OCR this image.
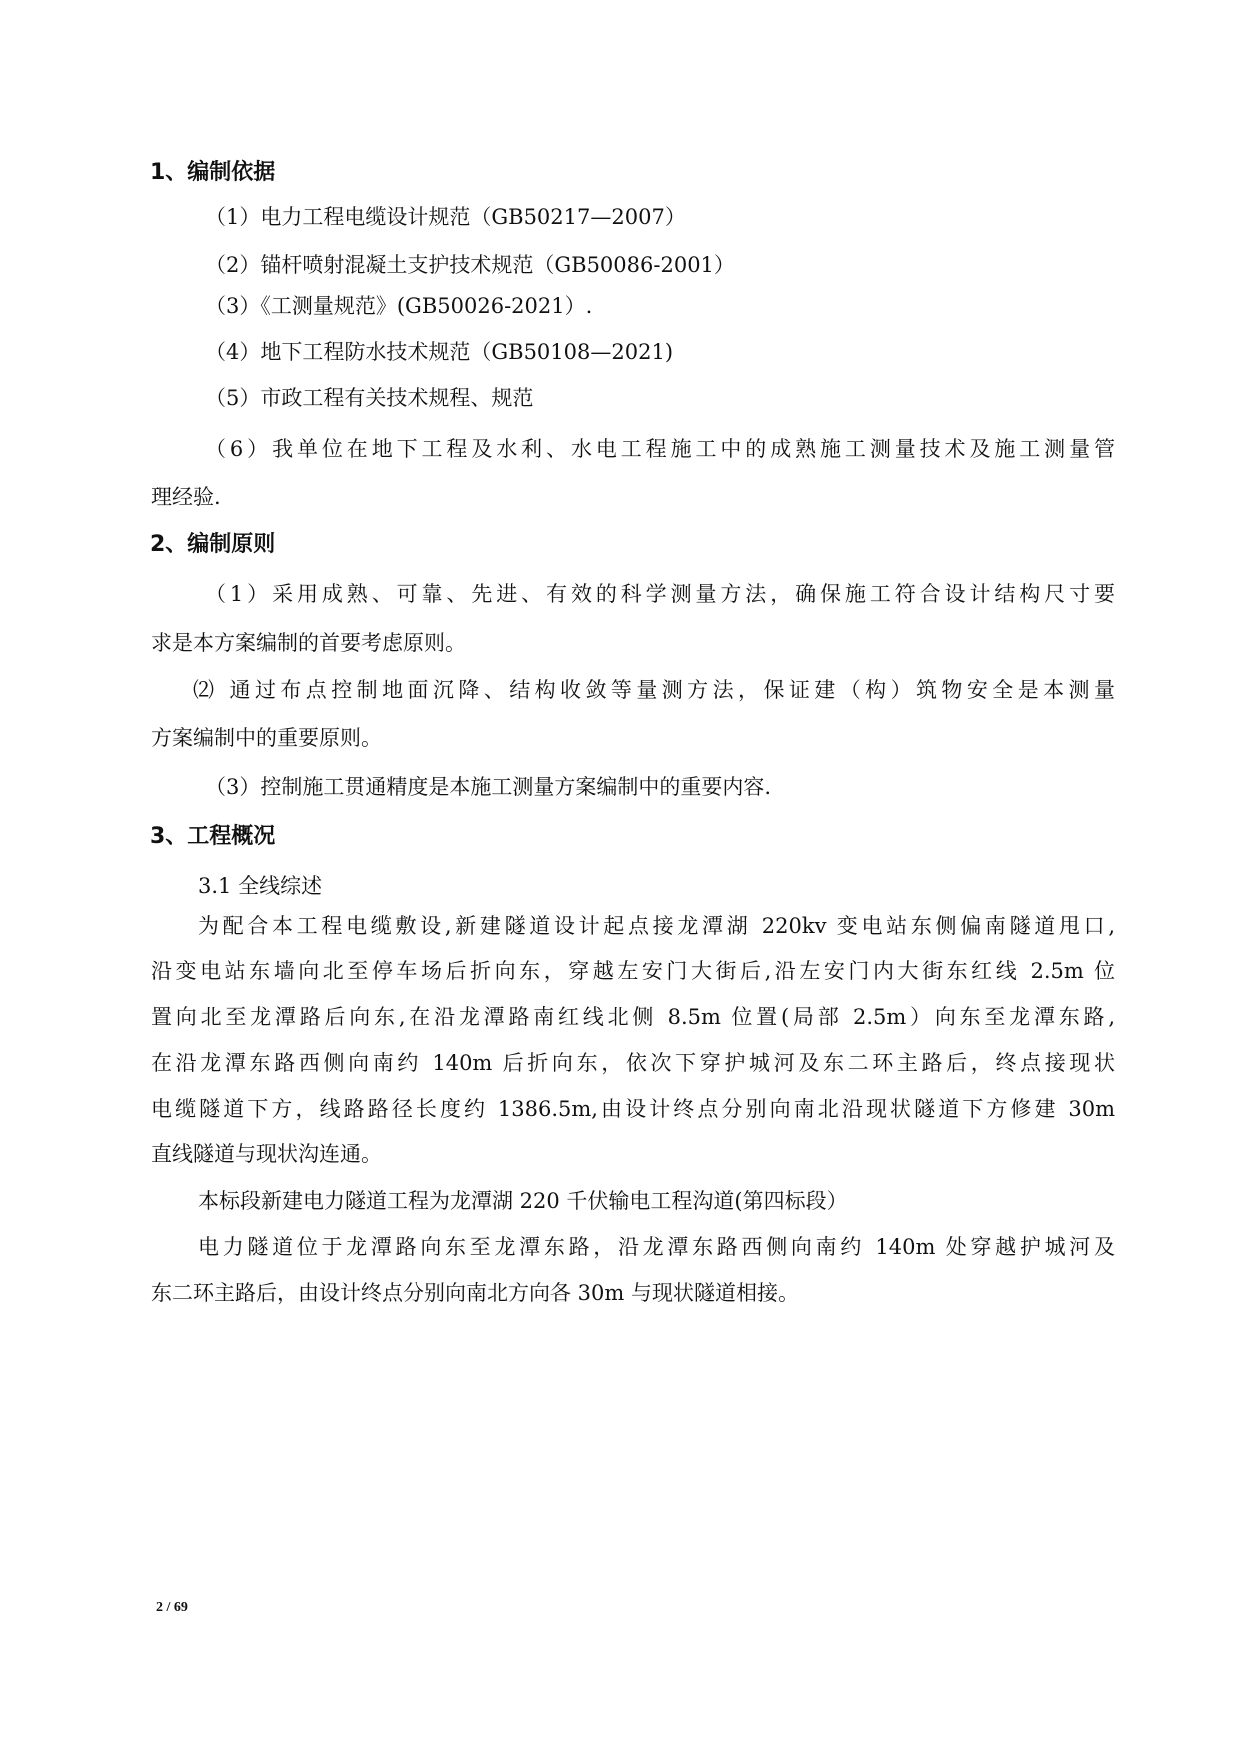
1、编制依据

（1）电力工程电缆设计规范（GB50217—2007）

（2）锚杆喷射混凝土支护技术规范（GB50086-2001）

（3）《工测量规范》(GB50026-2021）.

（4）地下工程防水技术规范（GB50108—2021)

（5）市政工程有关技术规程、规范

（6）我单位在地下工程及水利、水电工程施工中的成熟施工测量技术及施工测量管

理经验.

2、编制原则

（1）采用成熟、可靠、先进、有效的科学测量方法，确保施工符合设计结构尺寸要

求是本方案编制的首要考虑原则。

⑵ 通过布点控制地面沉降、结构收敛等量测方法，保证建（构）筑物安全是本测量

方案编制中的重要原则。

（3）控制施工贯通精度是本施工测量方案编制中的重要内容.

3、工程概况

3.1 全线综述

为配合本工程电缆敷设,新建隧道设计起点接龙潭湖 220kv 变电站东侧偏南隧道甩口,

沿变电站东墙向北至停车场后折向东，穿越左安门大街后,沿左安门内大街东红线 2.5m 位

置向北至龙潭路后向东,在沿龙潭路南红线北侧 8.5m 位置(局部 2.5m）向东至龙潭东路,

在沿龙潭东路西侧向南约 140m 后折向东，依次下穿护城河及东二环主路后，终点接现状

电缆隧道下方，线路路径长度约 1386.5m,由设计终点分别向南北沿现状隧道下方修建 30m

直线隧道与现状沟连通。

本标段新建电力隧道工程为龙潭湖 220 千伏输电工程沟道(第四标段）

电力隧道位于龙潭路向东至龙潭东路，沿龙潭东路西侧向南约 140m 处穿越护城河及

东二环主路后，由设计终点分别向南北方向各 30m 与现状隧道相接。

2 / 69
